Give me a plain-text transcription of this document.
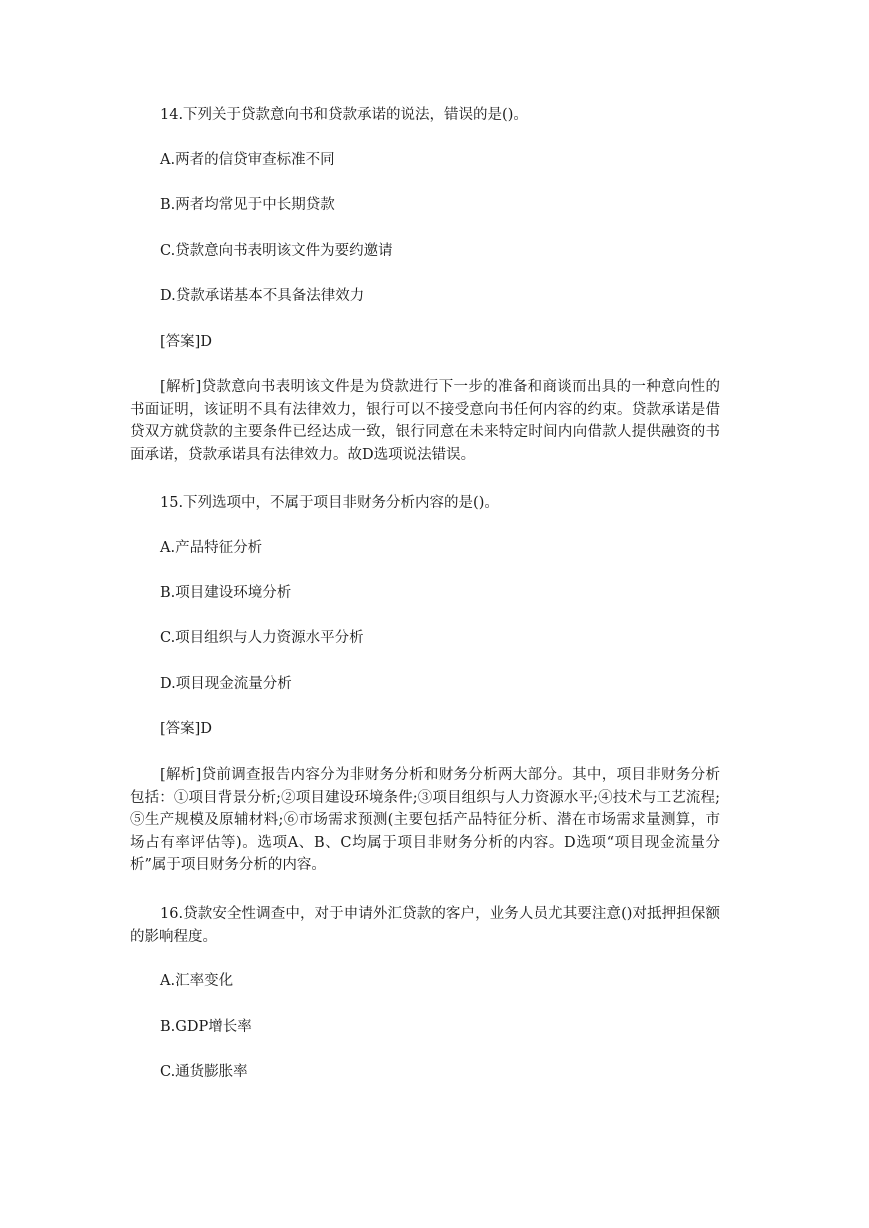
14.下列关于贷款意向书和贷款承诺的说法，错误的是()。

A.两者的信贷审查标准不同

B.两者均常见于中长期贷款

C.贷款意向书表明该文件为要约邀请

D.贷款承诺基本不具备法律效力

[答案]D

[解析]贷款意向书表明该文件是为贷款进行下一步的准备和商谈而出具的一种意向性的书面证明，该证明不具有法律效力，银行可以不接受意向书任何内容的约束。贷款承诺是借贷双方就贷款的主要条件已经达成一致，银行同意在未来特定时间内向借款人提供融资的书面承诺，贷款承诺具有法律效力。故D选项说法错误。

15.下列选项中，不属于项目非财务分析内容的是()。

A.产品特征分析

B.项目建设环境分析

C.项目组织与人力资源水平分析

D.项目现金流量分析

[答案]D

[解析]贷前调查报告内容分为非财务分析和财务分析两大部分。其中，项目非财务分析包括：①项目背景分析;②项目建设环境条件;③项目组织与人力资源水平;④技术与工艺流程;⑤生产规模及原辅材料;⑥市场需求预测(主要包括产品特征分析、潜在市场需求量测算，市场占有率评估等)。选项A、B、C均属于项目非财务分析的内容。D选项“项目现金流量分析”属于项目财务分析的内容。

16.贷款安全性调查中，对于申请外汇贷款的客户，业务人员尤其要注意()对抵押担保额的影响程度。

A.汇率变化

B.GDP增长率

C.通货膨胀率
